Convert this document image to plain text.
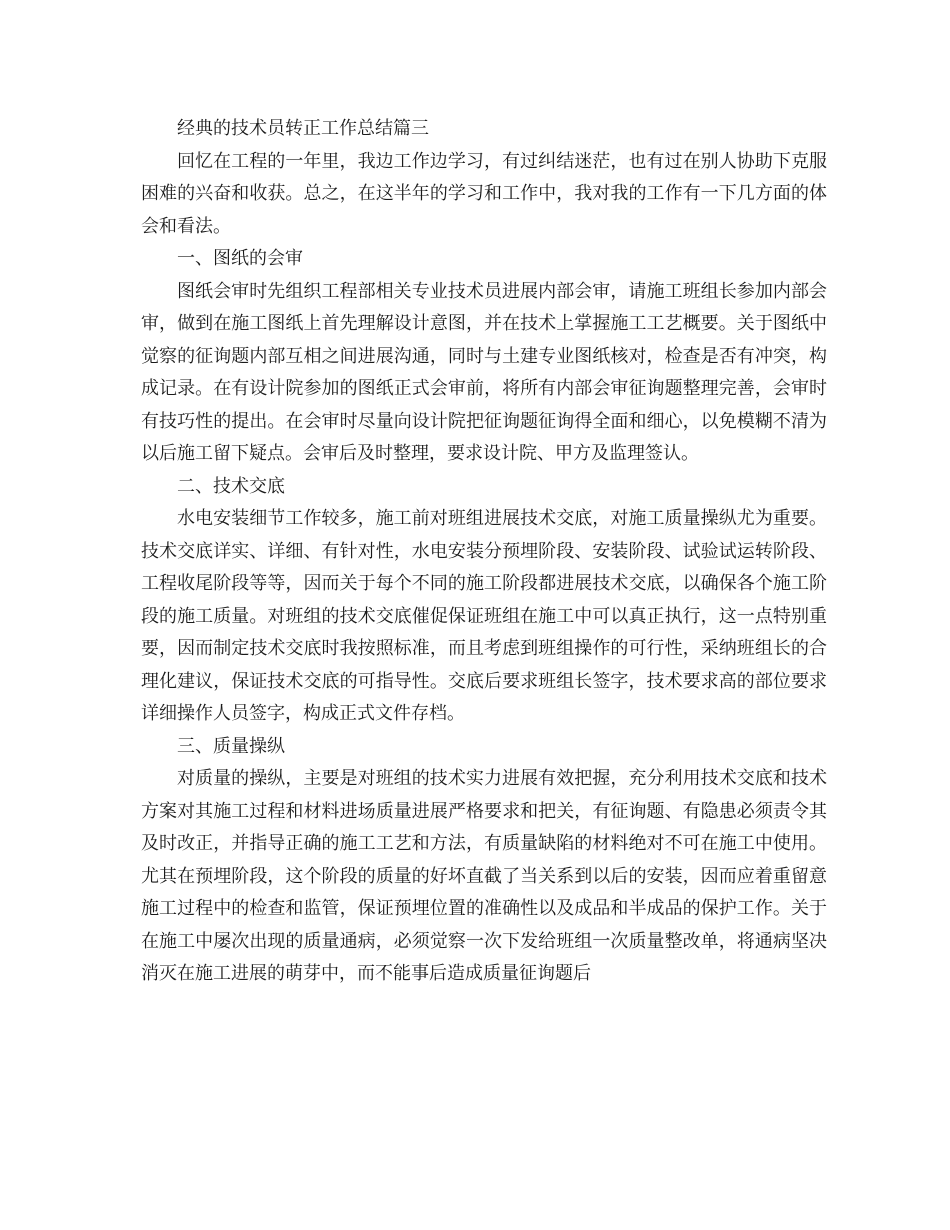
经典的技术员转正工作总结篇三

回忆在工程的一年里，我边工作边学习，有过纠结迷茫，也有过在别人协助下克服困难的兴奋和收获。总之，在这半年的学习和工作中，我对我的工作有一下几方面的体会和看法。

一、图纸的会审

图纸会审时先组织工程部相关专业技术员进展内部会审，请施工班组长参加内部会审，做到在施工图纸上首先理解设计意图，并在技术上掌握施工工艺概要。关于图纸中觉察的征询题内部互相之间进展沟通，同时与土建专业图纸核对，检查是否有冲突，构成记录。在有设计院参加的图纸正式会审前，将所有内部会审征询题整理完善，会审时有技巧性的提出。在会审时尽量向设计院把征询题征询得全面和细心，以免模糊不清为以后施工留下疑点。会审后及时整理，要求设计院、甲方及监理签认。

二、技术交底

水电安装细节工作较多，施工前对班组进展技术交底，对施工质量操纵尤为重要。技术交底详实、详细、有针对性，水电安装分预埋阶段、安装阶段、试验试运转阶段、工程收尾阶段等等，因而关于每个不同的施工阶段都进展技术交底，以确保各个施工阶段的施工质量。对班组的技术交底催促保证班组在施工中可以真正执行，这一点特别重要，因而制定技术交底时我按照标准，而且考虑到班组操作的可行性，采纳班组长的合理化建议，保证技术交底的可指导性。交底后要求班组长签字，技术要求高的部位要求详细操作人员签字，构成正式文件存档。

三、质量操纵

对质量的操纵，主要是对班组的技术实力进展有效把握，充分利用技术交底和技术方案对其施工过程和材料进场质量进展严格要求和把关，有征询题、有隐患必须责令其及时改正，并指导正确的施工工艺和方法，有质量缺陷的材料绝对不可在施工中使用。尤其在预埋阶段，这个阶段的质量的好坏直截了当关系到以后的安装，因而应着重留意施工过程中的检查和监管，保证预埋位置的准确性以及成品和半成品的保护工作。关于在施工中屡次出现的质量通病，必须觉察一次下发给班组一次质量整改单，将通病坚决消灭在施工进展的萌芽中，而不能事后造成质量征询题后
